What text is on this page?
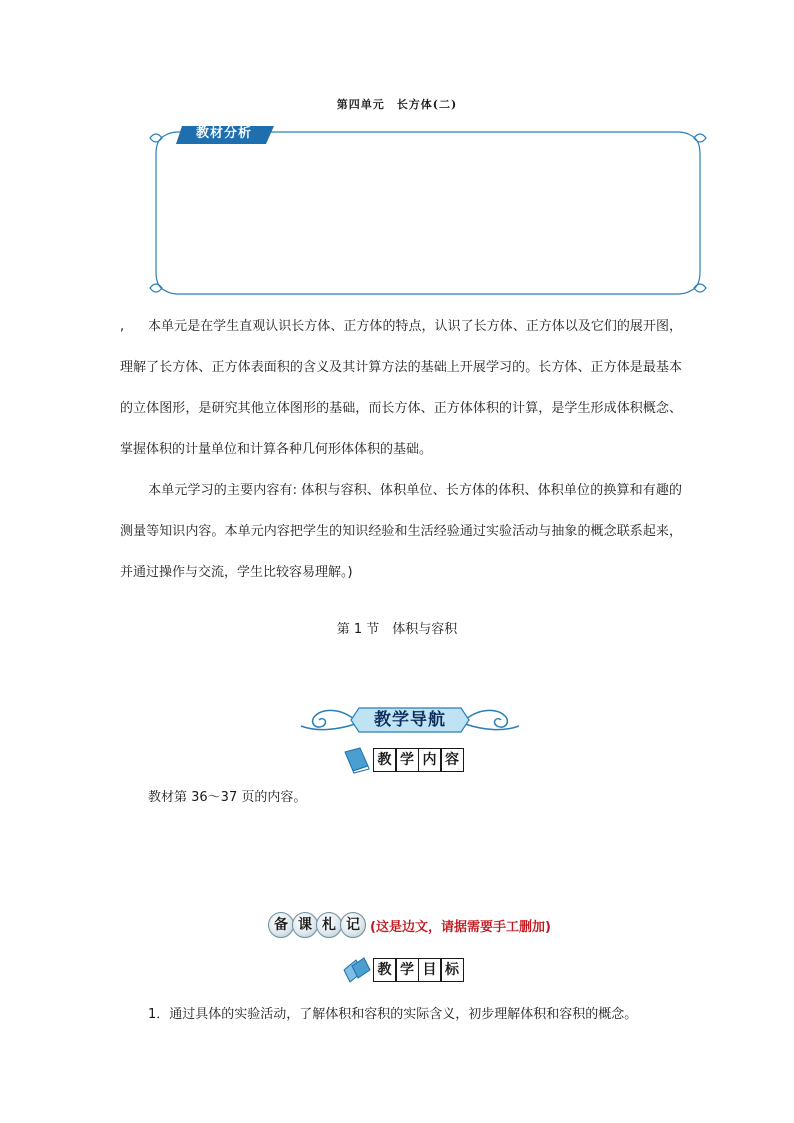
第四单元　长方体(二)
教材分析
,	本单元是在学生直观认识长方体、正方体的特点，认识了长方体、正方体以及它们的展开图，理解了长方体、正方体表面积的含义及其计算方法的基础上开展学习的。长方体、正方体是最基本的立体图形，是研究其他立体图形的基础，而长方体、正方体体积的计算，是学生形成体积概念、掌握体积的计量单位和计算各种几何形体体积的基础。

本单元学习的主要内容有: 体积与容积、体积单位、长方体的体积、体积单位的换算和有趣的测量等知识内容。本单元内容把学生的知识经验和生活经验通过实验活动与抽象的概念联系起来，并通过操作与交流，学生比较容易理解。)

第 1 节　体积与容积
教学导航
教 学 内 容
教材第 36～37 页的内容。
备 课 札 记 (这是边文，请据需要手工删加)
教 学 目 标
1．通过具体的实验活动，了解体积和容积的实际含义，初步理解体积和容积的概念。
